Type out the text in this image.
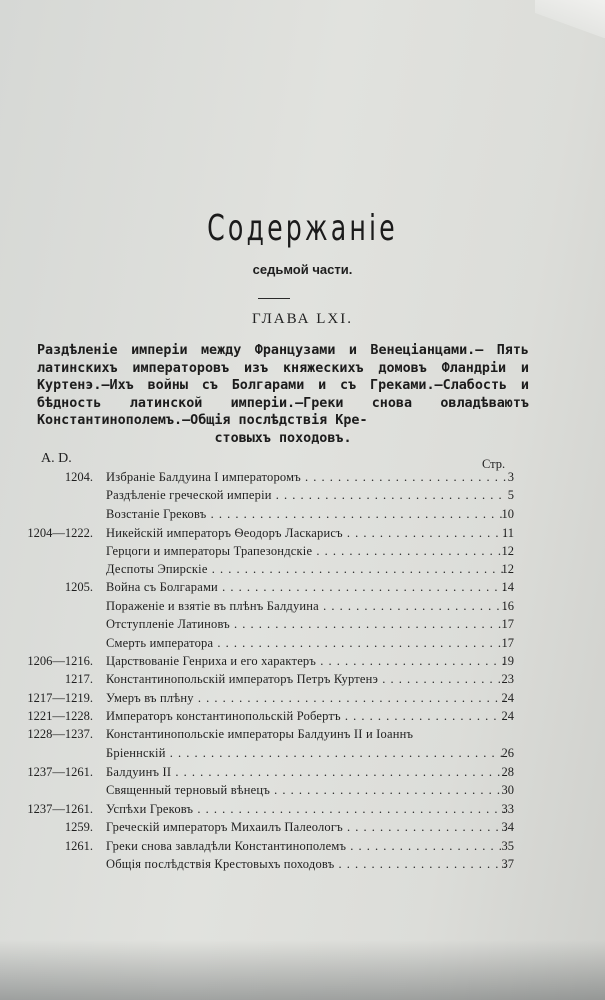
Содержаніе
седьмой части.
ГЛАВА LXI.
Раздѣленіе имперіи между Французами и Венеціанцами.— Пять латинскихъ императоровъ изъ княжескихъ домовъ Фландріи и Куртенэ.—Ихъ войны съ Болгарами и съ Греками.—Слабость и бѣдность латинской имперіи.—Греки снова овладѣваютъ Константинополемъ.—Общія послѣдствія Кре-
стовыхъ походовъ.
A. D.	Стр.
1204. Избраніе Балдуина I императоромъ . . .	3
Раздѣленіе греческой имперіи . . .	5
Возстаніе Грековъ . . .	10
1204—1222. Никейскій императоръ Ѳеодоръ Ласкарисъ . . .	11
Герцоги и императоры Трапезондскіе . . .	12
Деспоты Эпирскіе . . .	12
1205. Война съ Болгарами . . .	14
Пораженіе и взятіе въ плѣнъ Балдуина . . .	16
Отступленіе Латиновъ . . .	17
Смерть императора . . .	17
1206—1216. Царствованіе Генриха и его характеръ . . .	19
1217. Константинопольскій императоръ Петръ Куртенэ . . .	23
1217—1219. Умеръ въ плѣну . . .	24
1221—1228. Императоръ константинопольскій Робертъ . . .	24
1228—1237. Константинопольскіе императоры Балдуинъ II и Іоаннъ
Бріеннскій . . .	26
1237—1261. Балдуинъ II . . .	28
Священный терновый вѣнецъ . . .	30
1237—1261. Успѣхи Грековъ . . .	33
1259. Греческій императоръ Михаилъ Палеологъ . . .	34
1261. Греки снова завладѣли Константинополемъ . . .	35
Общія послѣдствія Крестовыхъ походовъ . . .	37
